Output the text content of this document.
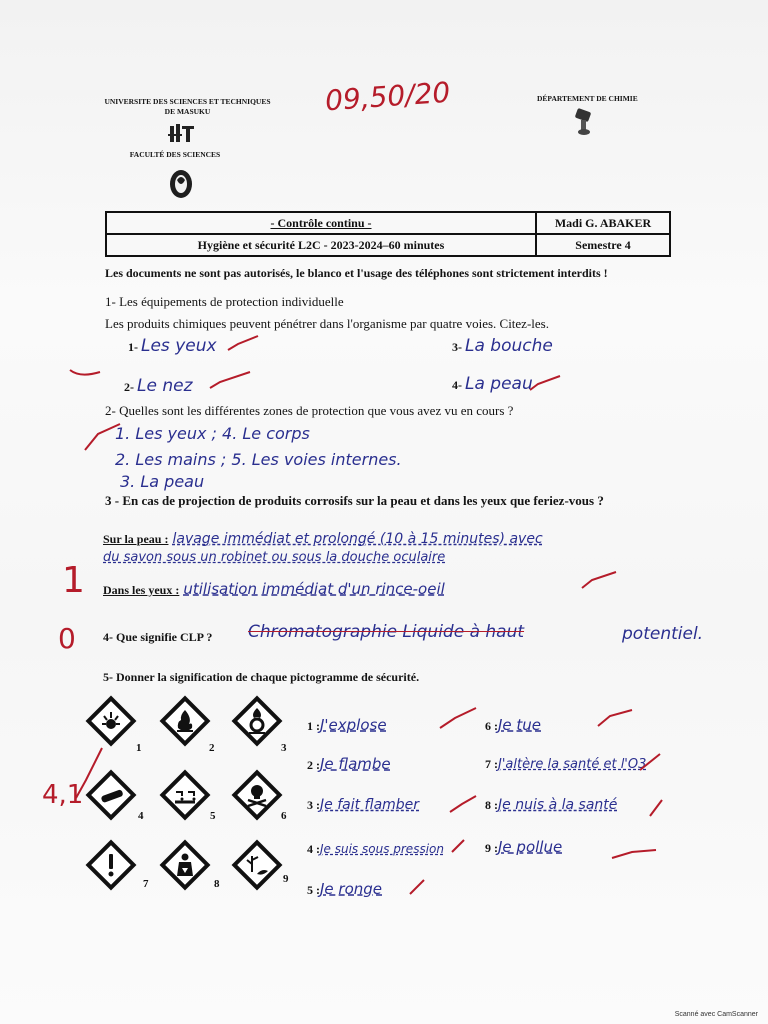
UNIVERSITE DES SCIENCES ET TECHNIQUES DE MASUKU
FACULTÉ DES SCIENCES
09,50/20	DÉPARTEMENT DE CHIMIE
- Contrôle continu -	Madi G. ABAKER
Hygiène et sécurité L2C - 2023-2024–60 minutes	Semestre 4
Les documents ne sont pas autorisés, le blanco et l'usage des téléphones sont strictement interdits !
1- Les équipements de protection individuelle
Les produits chimiques peuvent pénétrer dans l'organisme par quatre voies. Citez-les.
1- Les yeux	3- La bouche
2- Le nez	4- La peau
2- Quelles sont les différentes zones de protection que vous avez vu en cours ?
1. Les yeux ; 4. Le corps
2. Les mains ; 5. Les voies internes.
3. La peau
3 - En cas de projection de produits corrosifs sur la peau et dans les yeux que feriez-vous ?
Sur la peau : lavage immédiat et prolongé (10 à 15 minutes) avec
du savon sous un robinet ou sous la douche oculaire
Dans les yeux : utilisation immédiat d'un rince-oeil
1
4- Que signifie CLP ? Chromatographie Liquide à haut	potentiel.
0
5- Donner la signification de chaque pictogramme de sécurité.
1	2	3
4	5	6
7	8	9
1 :J'explose
2 :Je flambe
3 :Je fait flamber
4 :Je suis sous pression
5 :Je ronge
6 :Je tue
7 :J'altère la santé et l'O3
8 :Je nuis à la santé
9 :Je pollue
4,1
Scanné avec CamScanner
